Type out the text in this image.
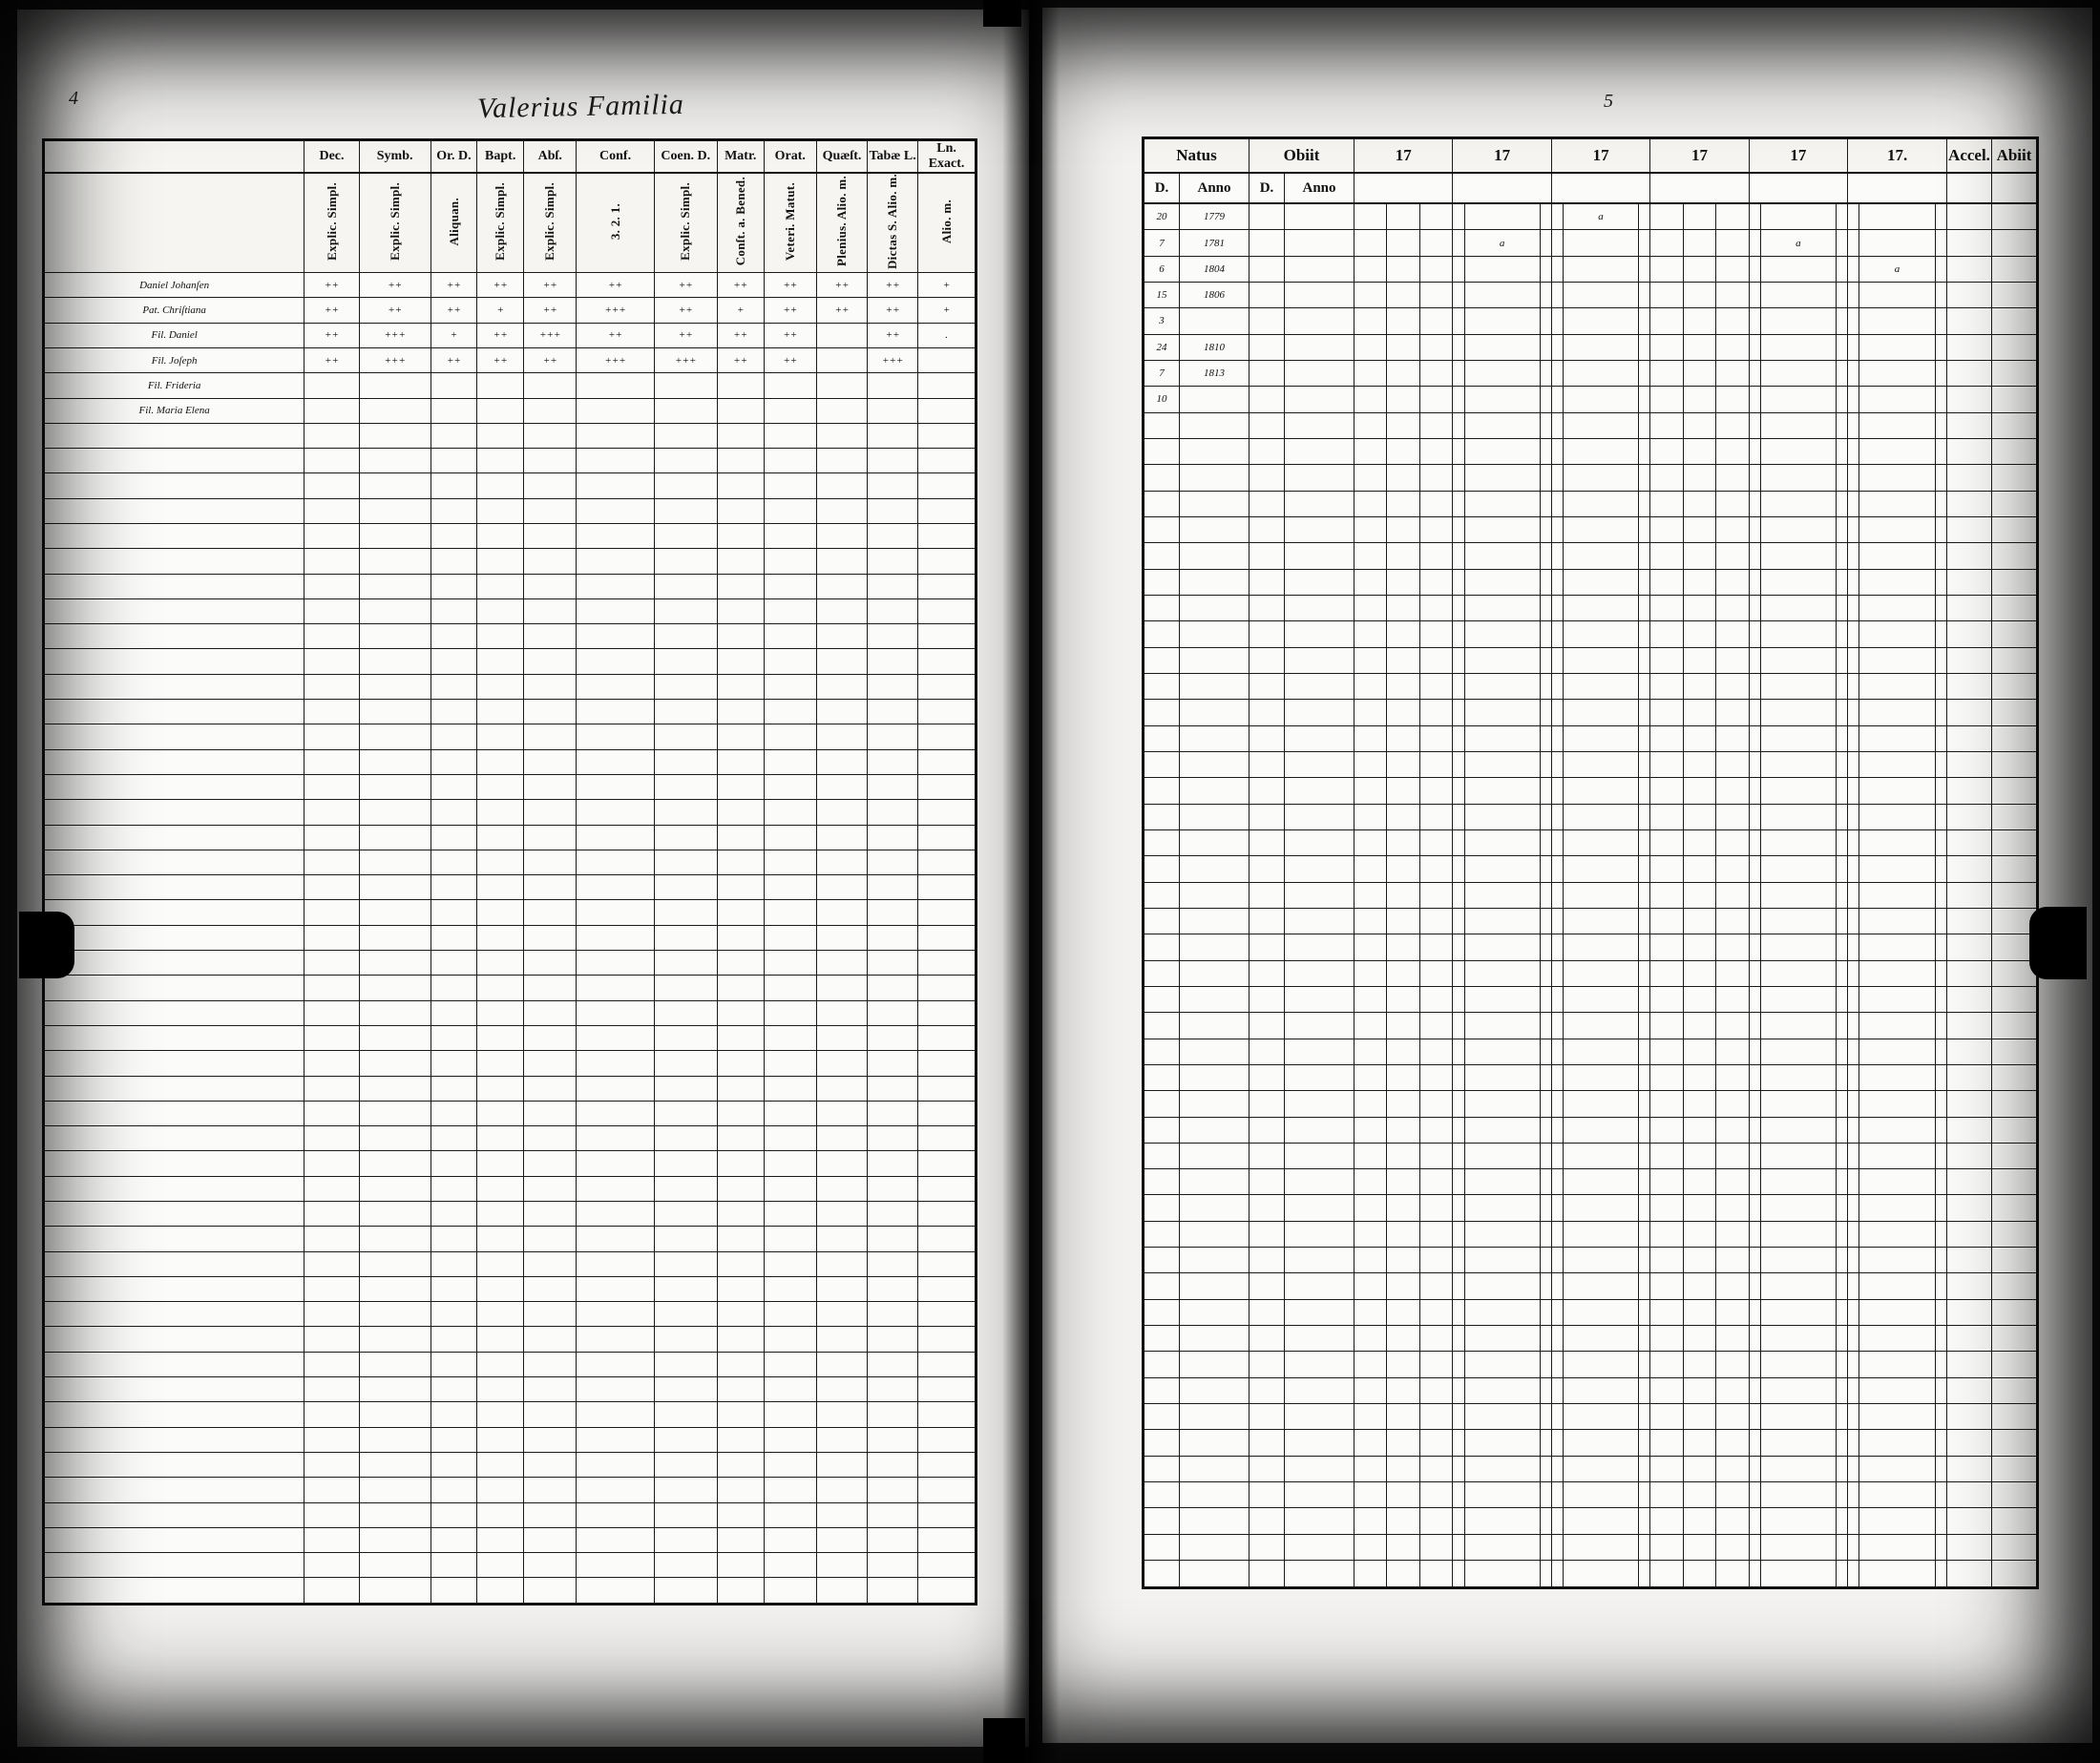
4	5
Valerius Familia
	Dec.	Symb.	Or. D.	Bapt.	Abſ.	Conf.	Coen. D.	Matr.	Orat.	Quæſt.	Tabæ L.	Ln. Exact.
	Explic. Simpl.	Explic. Simpl.	Aliquan.	Explic. Simpl.	Explic. Simpl.	3. 2. 1.	Explic. Simpl.	Conſt. a. Bened.	Veteri. Matut.	Plenius. Alio. m.	Dictas S. Alio. m.	Alio. m.
Daniel Johanſen	++	++	++	++	++	++	++	++	++	++	++	+
Pat. Chriſtiana	++	++	++	+	++	+++	++	+	++	++	++	+
Fil. Daniel	++	+++	+	++	+++	++	++	++	++		++	.
Fil. Joſeph	++	+++	++	++	++	+++	+++	++	++		+++	
Fil. Frideria												
Fil. Maria Elena												

Natus		Obiit		17			17			17			17			17			17.			Accel.	Abiit
D.	Anno	D.	Anno																				
20	1779										a												
7	1781							a									a						
6	1804																			a			
15	1806																						
3																							
24	1810																						
7	1813																						
10																							
